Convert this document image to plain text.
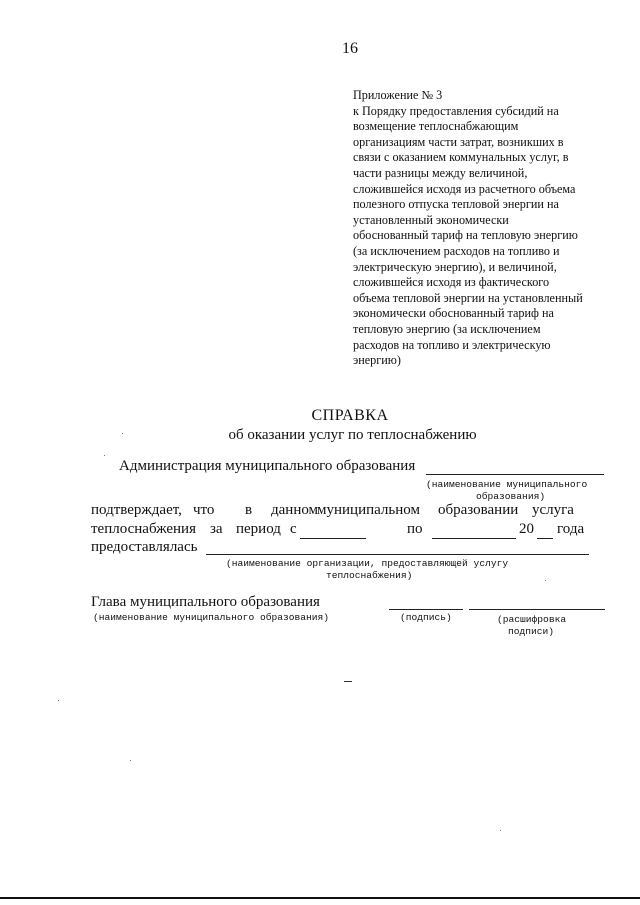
16
Приложение № 3
к Порядку предоставления субсидий на
возмещение теплоснабжающим
организациям части затрат, возникших в
связи с оказанием коммунальных услуг, в
части разницы между величиной,
сложившейся исходя из расчетного объема
полезного отпуска тепловой энергии на
установленный экономически
обоснованный тариф на тепловую энергию
(за исключением расходов на топливо и
электрическую энергию), и величиной,
сложившейся исходя из фактического
объема тепловой энергии на установленный
экономически обоснованный тариф на
тепловую энергию (за исключением
расходов на топливо и электрическую
энергию)
СПРАВКА
об оказании услуг по теплоснабжению
Администрация муниципального образования
(наименование муниципального
образования)
подтверждает, что в данном
муниципальном образовании услуга
теплоснабжения за период с	по	20 года
предоставлялась
(наименование организации, предоставляющей услугу
теплоснабжения)
Глава муниципального образования
(наименование муниципального образования)	(подпись)	(расшифровка
подписи)
